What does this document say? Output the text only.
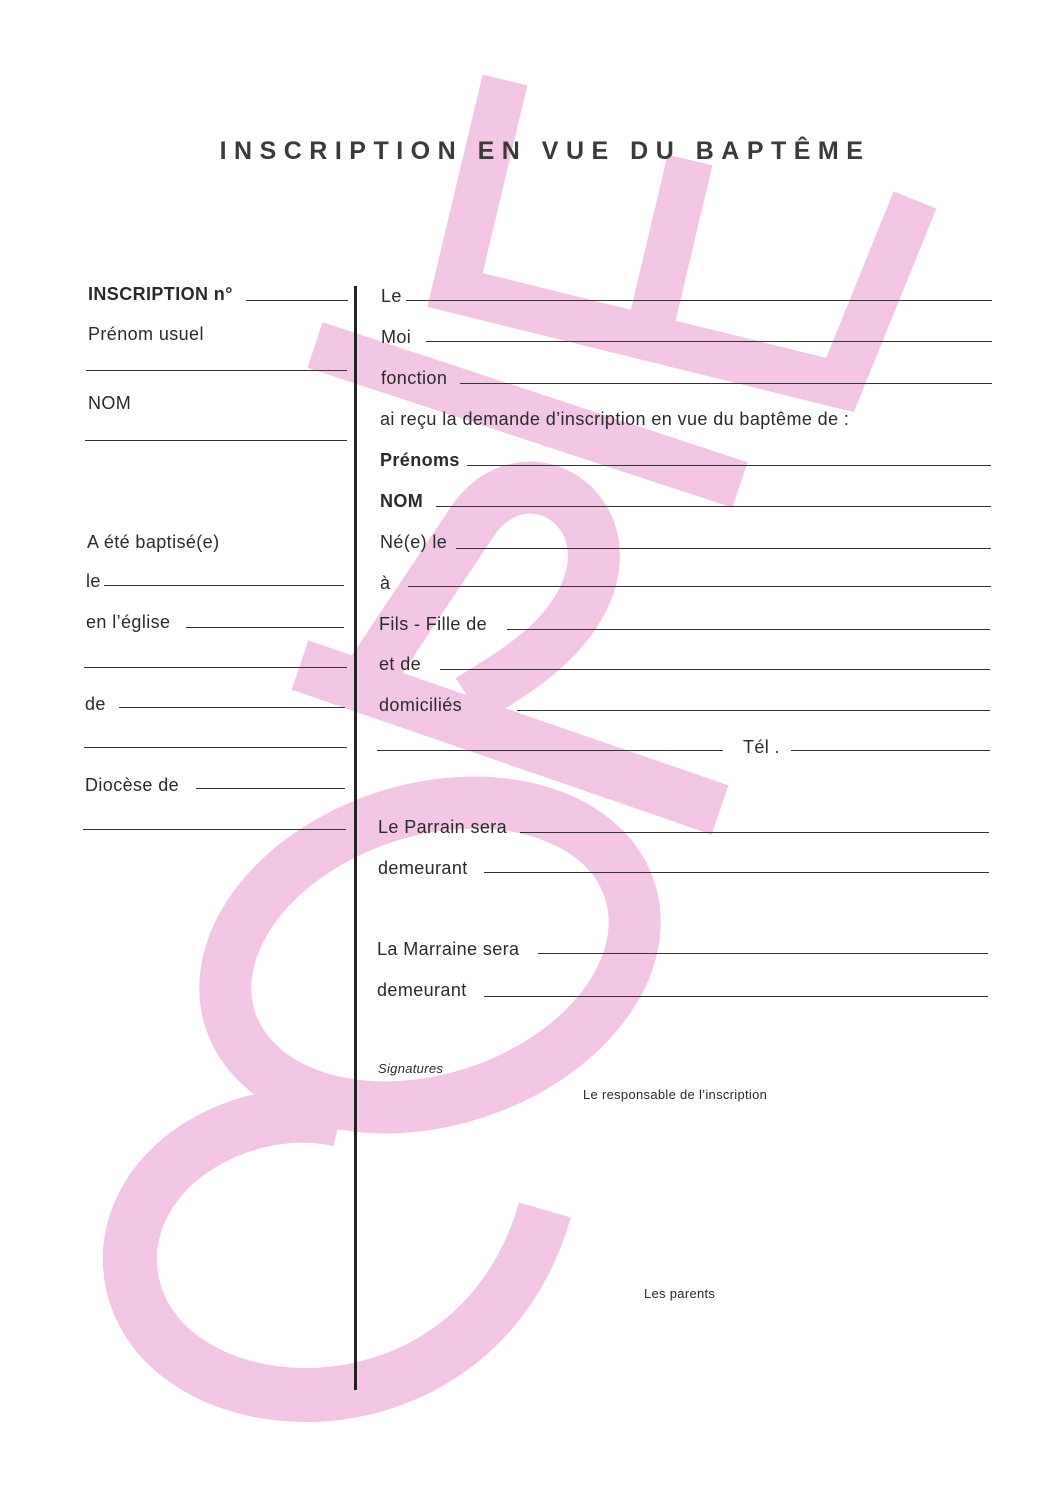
INSCRIPTION EN VUE DU BAPTÊME
INSCRIPTION n°
Prénom usuel
NOM
A été baptisé(e)
le
en l’église
de
Diocèse de
Le
Moi
fonction
ai reçu la demande d’inscription en vue du baptême de :
Prénoms
NOM
Né(e) le
à
Fils - Fille de
et de
domiciliés
Tél .
Le Parrain sera
demeurant
La Marraine sera
demeurant
Signatures
Le responsable de l’inscription
Les parents
